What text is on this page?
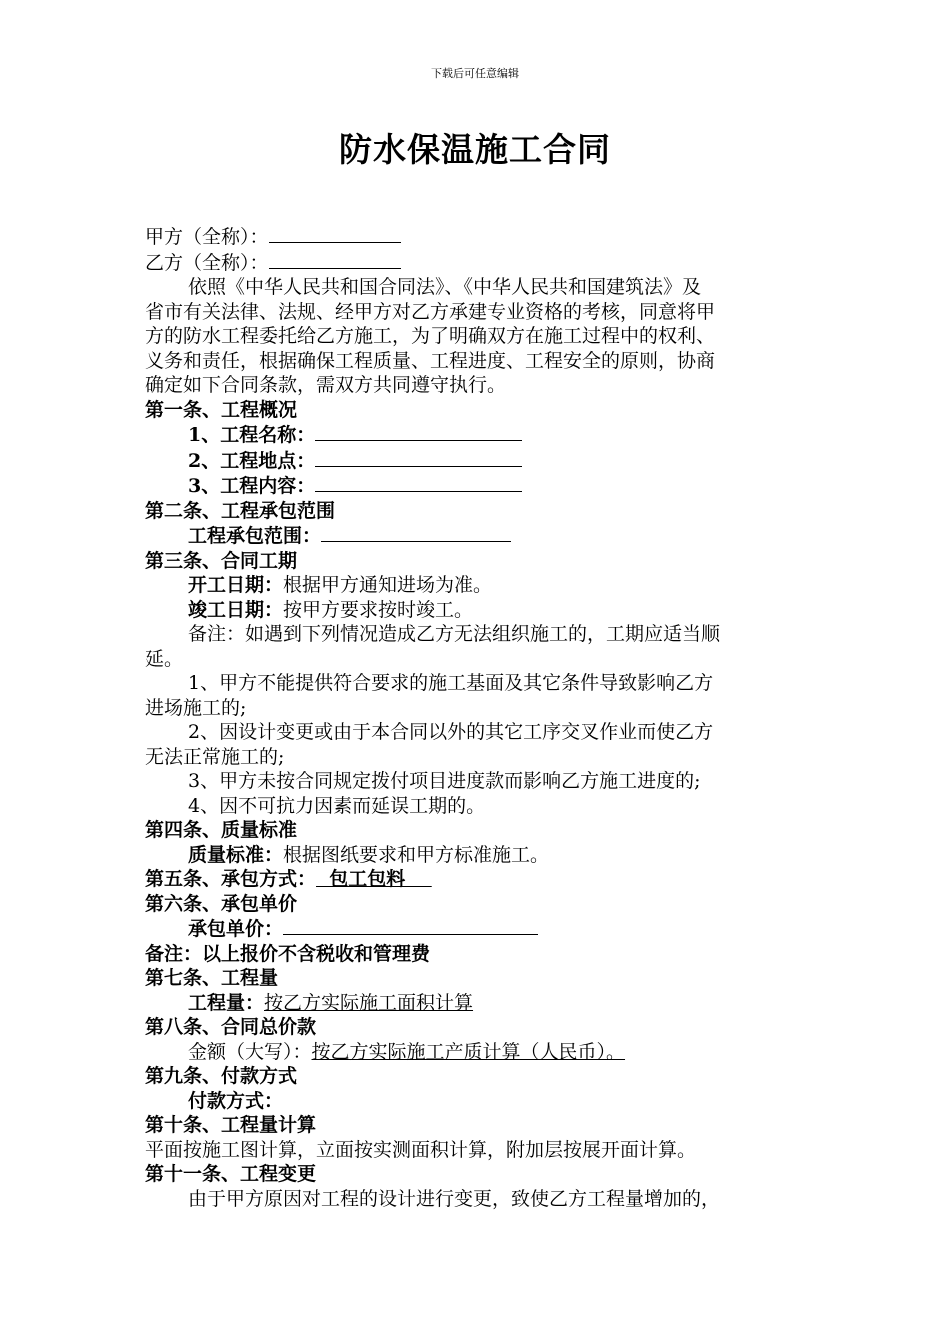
下载后可任意编辑
防水保温施工合同
甲方（全称）：
乙方（全称）：
依照《中华人民共和国合同法》、《中华人民共和国建筑法》及
省市有关法律、法规、经甲方对乙方承建专业资格的考核，同意将甲
方的防水工程委托给乙方施工，为了明确双方在施工过程中的权利、
义务和责任，根据确保工程质量、工程进度、工程安全的原则，协商
确定如下合同条款，需双方共同遵守执行。
第一条、工程概况
1、工程名称：
2、工程地点：
3、工程内容：
第二条、工程承包范围
工程承包范围：
第三条、合同工期
开工日期：根据甲方通知进场为准。
竣工日期：按甲方要求按时竣工。
备注：如遇到下列情况造成乙方无法组织施工的，工期应适当顺
延。
1、甲方不能提供符合要求的施工基面及其它条件导致影响乙方
进场施工的;
2、因设计变更或由于本合同以外的其它工序交叉作业而使乙方
无法正常施工的;
3、甲方未按合同规定拨付项目进度款而影响乙方施工进度的;
4、因不可抗力因素而延误工期的。
第四条、质量标准
质量标准：根据图纸要求和甲方标准施工。
第五条、承包方式：  包工包料
第六条、承包单价
承包单价：
备注：以上报价不含税收和管理费
第七条、工程量
工程量：按乙方实际施工面积计算
第八条、合同总价款
金额（大写）：按乙方实际施工产质计算（人民币）。
第九条、付款方式
付款方式：
第十条、工程量计算
平面按施工图计算，立面按实测面积计算，附加层按展开面计算。
第十一条、工程变更
由于甲方原因对工程的设计进行变更，致使乙方工程量增加的，
